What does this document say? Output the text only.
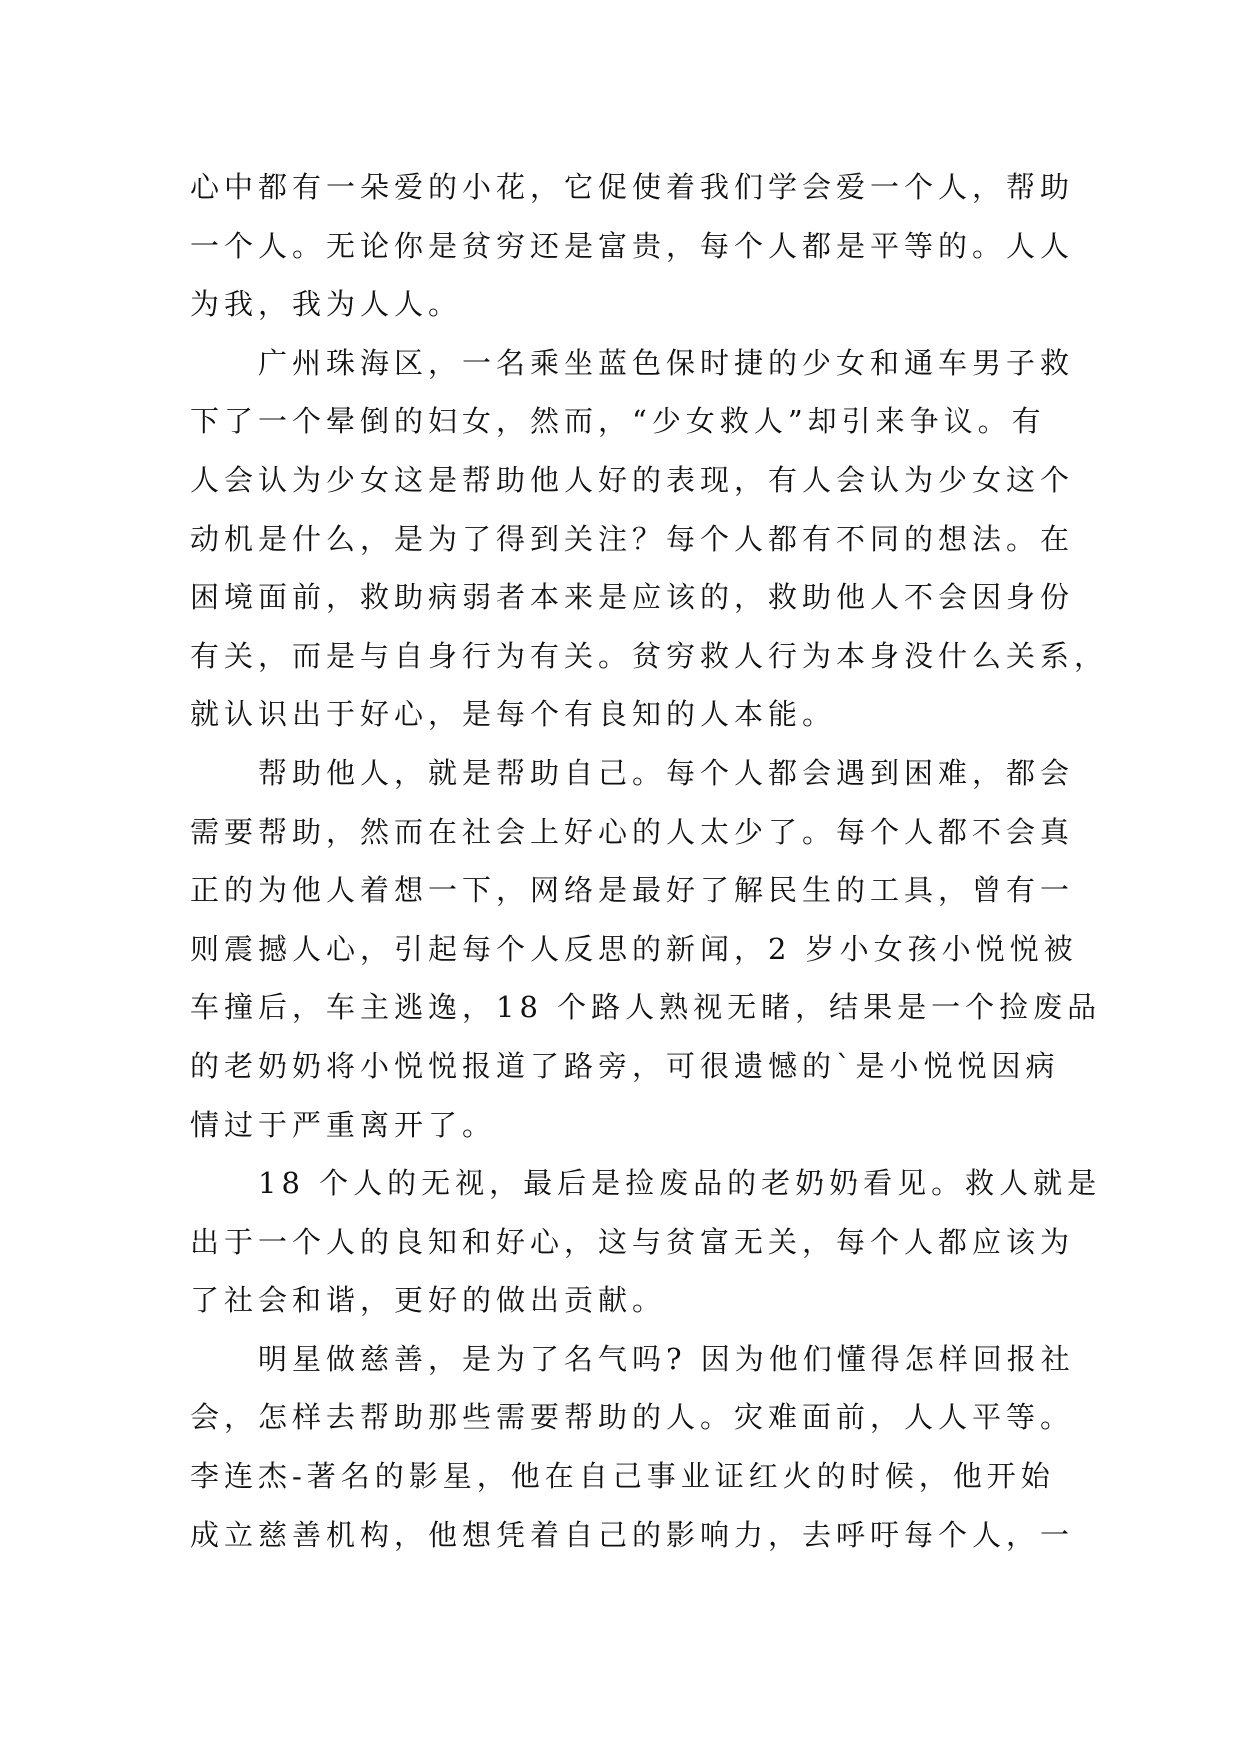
心中都有一朵爱的小花，它促使着我们学会爱一个人，帮助
一个人。无论你是贫穷还是富贵，每个人都是平等的。人人
为我，我为人人。
广州珠海区，一名乘坐蓝色保时捷的少女和通车男子救
下了一个晕倒的妇女，然而，“少女救人”却引来争议。有
人会认为少女这是帮助他人好的表现，有人会认为少女这个
动机是什么，是为了得到关注？每个人都有不同的想法。在
困境面前，救助病弱者本来是应该的，救助他人不会因身份
有关，而是与自身行为有关。贫穷救人行为本身没什么关系，
就认识出于好心，是每个有良知的人本能。
帮助他人，就是帮助自己。每个人都会遇到困难，都会
需要帮助，然而在社会上好心的人太少了。每个人都不会真
正的为他人着想一下，网络是最好了解民生的工具，曾有一
则震撼人心，引起每个人反思的新闻，2 岁小女孩小悦悦被
车撞后，车主逃逸，18 个路人熟视无睹，结果是一个捡废品
的老奶奶将小悦悦报道了路旁，可很遗憾的`是小悦悦因病
情过于严重离开了。
18 个人的无视，最后是捡废品的老奶奶看见。救人就是
出于一个人的良知和好心，这与贫富无关，每个人都应该为
了社会和谐，更好的做出贡献。
明星做慈善，是为了名气吗? 因为他们懂得怎样回报社
会，怎样去帮助那些需要帮助的人。灾难面前，人人平等。
李连杰-著名的影星，他在自己事业证红火的时候，他开始
成立慈善机构，他想凭着自己的影响力，去呼吁每个人，一
